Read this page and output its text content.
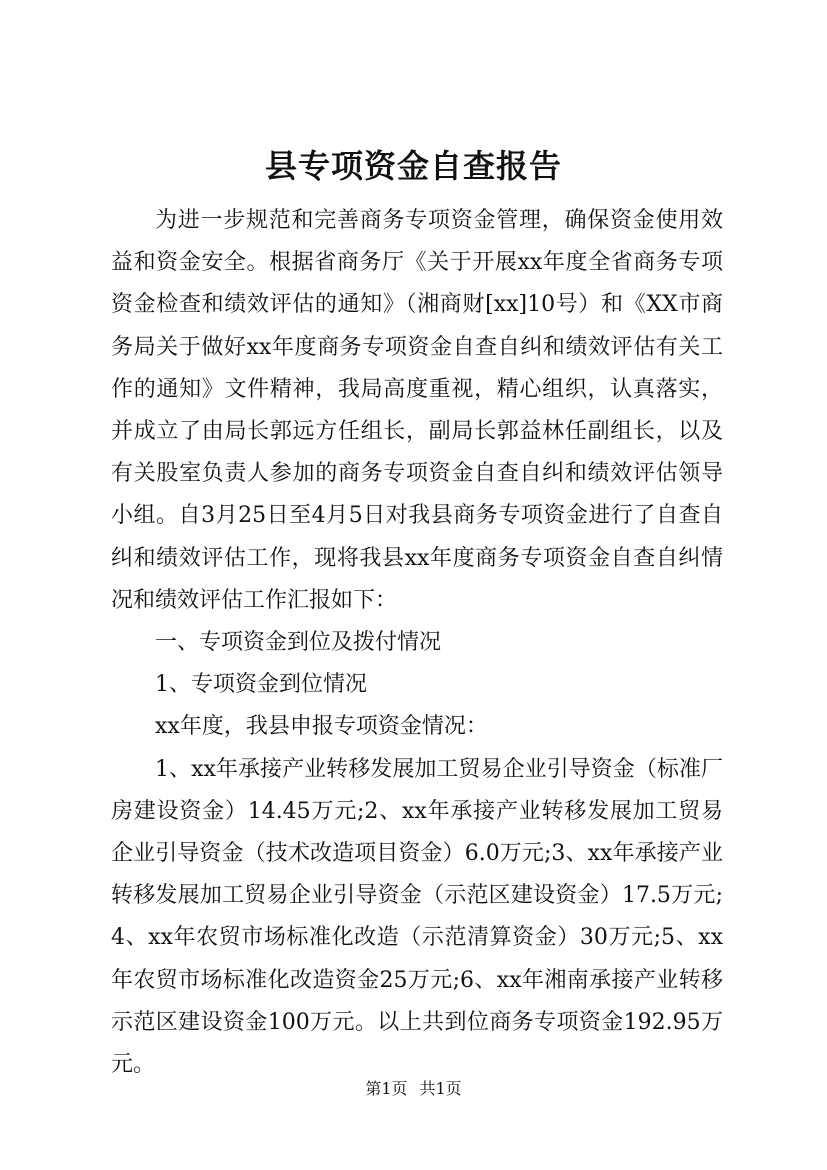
县专项资金自查报告

为进一步规范和完善商务专项资金管理，确保资金使用效益和资金安全。根据省商务厅《关于开展xx年度全省商务专项资金检查和绩效评估的通知》（湘商财[xx]10号）和《XX市商务局关于做好xx年度商务专项资金自查自纠和绩效评估有关工作的通知》文件精神，我局高度重视，精心组织，认真落实，并成立了由局长郭远方任组长，副局长郭益林任副组长，以及有关股室负责人参加的商务专项资金自查自纠和绩效评估领导小组。自3月25日至4月5日对我县商务专项资金进行了自查自纠和绩效评估工作，现将我县xx年度商务专项资金自查自纠情况和绩效评估工作汇报如下：

一、专项资金到位及拨付情况

1、专项资金到位情况

xx年度，我县申报专项资金情况：

1、xx年承接产业转移发展加工贸易企业引导资金（标准厂房建设资金）14.45万元;2、xx年承接产业转移发展加工贸易企业引导资金（技术改造项目资金）6.0万元;3、xx年承接产业转移发展加工贸易企业引导资金（示范区建设资金）17.5万元;4、xx年农贸市场标准化改造（示范清算资金）30万元;5、xx年农贸市场标准化改造资金25万元;6、xx年湘南承接产业转移示范区建设资金100万元。以上共到位商务专项资金192.95万元。

第1页 共1页
